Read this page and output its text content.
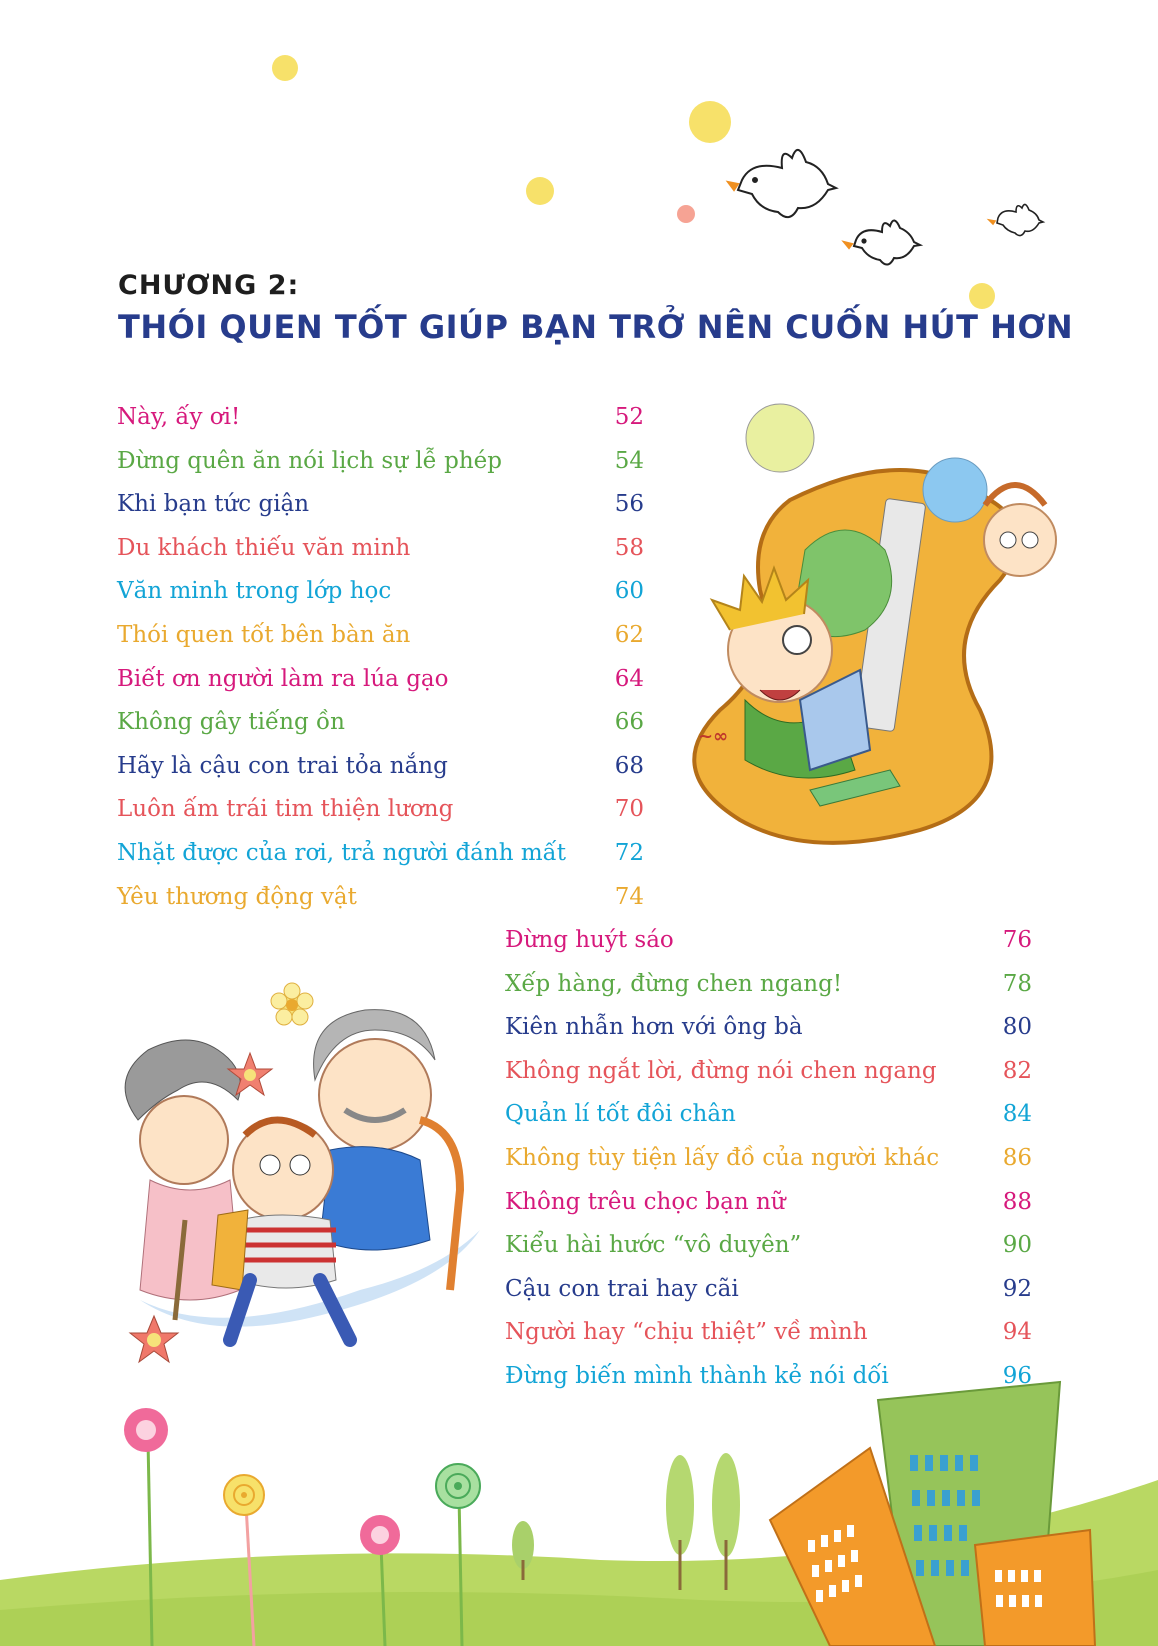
~∞
CHƯƠNG 2:
THÓI QUEN TỐT GIÚP BẠN TRỞ NÊN CUỐN HÚT HƠN
Này, ấy ơi!	52
Đừng quên ăn nói lịch sự lễ phép	54
Khi bạn tức giận	56
Du khách thiếu văn minh	58
Văn minh trong lớp học	60
Thói quen tốt bên bàn ăn	62
Biết ơn người làm ra lúa gạo	64
Không gây tiếng ồn	66
Hãy là cậu con trai tỏa nắng	68
Luôn ấm trái tim thiện lương	70
Nhặt được của rơi, trả người đánh mất 72
Yêu thương động vật	74
Đừng huýt sáo	76
Xếp hàng, đừng chen ngang!	78
Kiên nhẫn hơn với ông bà	80
Không ngắt lời, đừng nói chen ngang	82
Quản lí tốt đôi chân	84
Không tùy tiện lấy đồ của người khác	86
Không trêu chọc bạn nữ	88
Kiểu hài hước “vô duyên”	90
Cậu con trai hay cãi	92
Người hay “chịu thiệt” về mình	94
Đừng biến mình thành kẻ nói dối	96
